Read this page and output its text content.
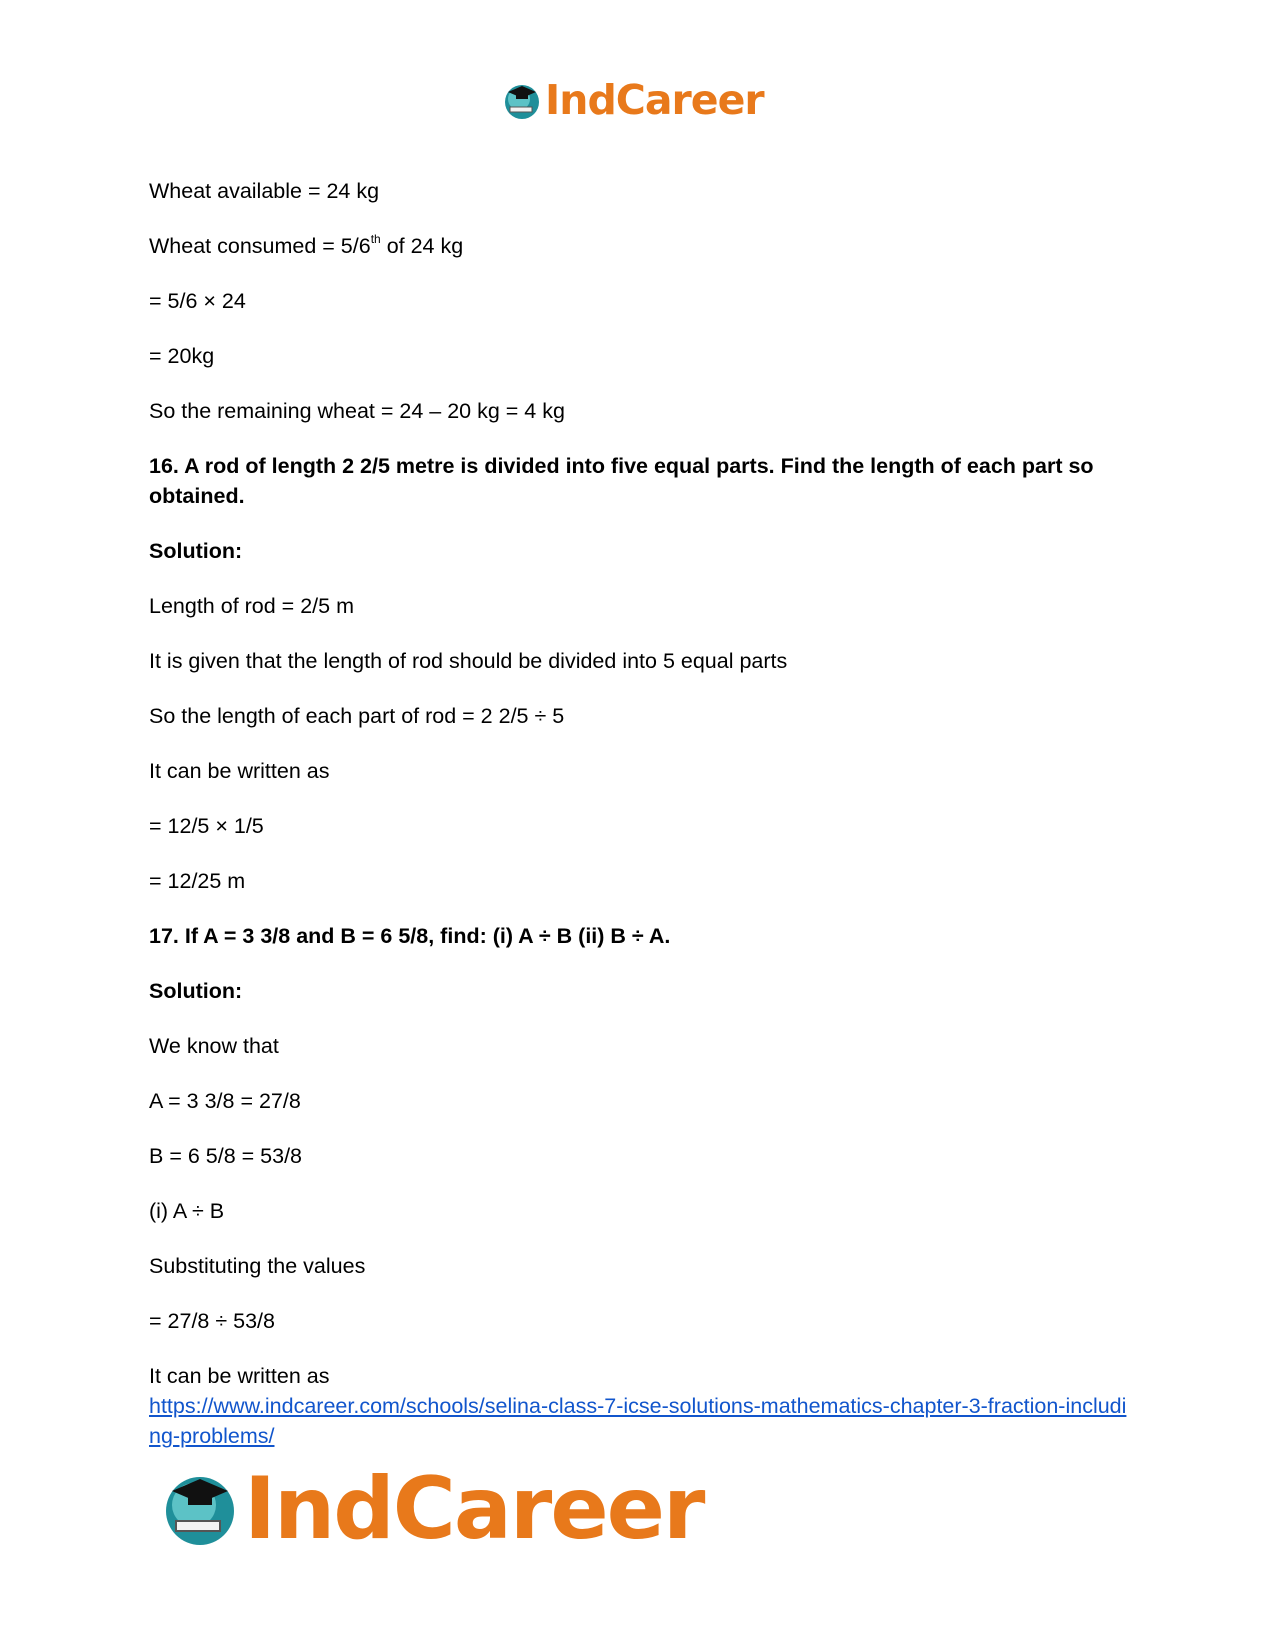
IndCareer
Wheat available = 24 kg
Wheat consumed = 5/6th of 24 kg
= 5/6 × 24
= 20kg
So the remaining wheat = 24 – 20 kg = 4 kg
16. A rod of length 2 2/5 metre is divided into five equal parts. Find the length of each part so obtained.
Solution:
Length of rod = 2/5 m
It is given that the length of rod should be divided into 5 equal parts
So the length of each part of rod = 2 2/5 ÷ 5
It can be written as
= 12/5 × 1/5
= 12/25 m
17. If A = 3 3/8 and B = 6 5/8, find: (i) A ÷ B (ii) B ÷ A.
Solution:
We know that
A = 3 3/8 = 27/8
B = 6 5/8 = 53/8
(i) A ÷ B
Substituting the values
= 27/8 ÷ 53/8
It can be written as
https://www.indcareer.com/schools/selina-class-7-icse-solutions-mathematics-chapter-3-fraction-including-problems/
IndCareer
